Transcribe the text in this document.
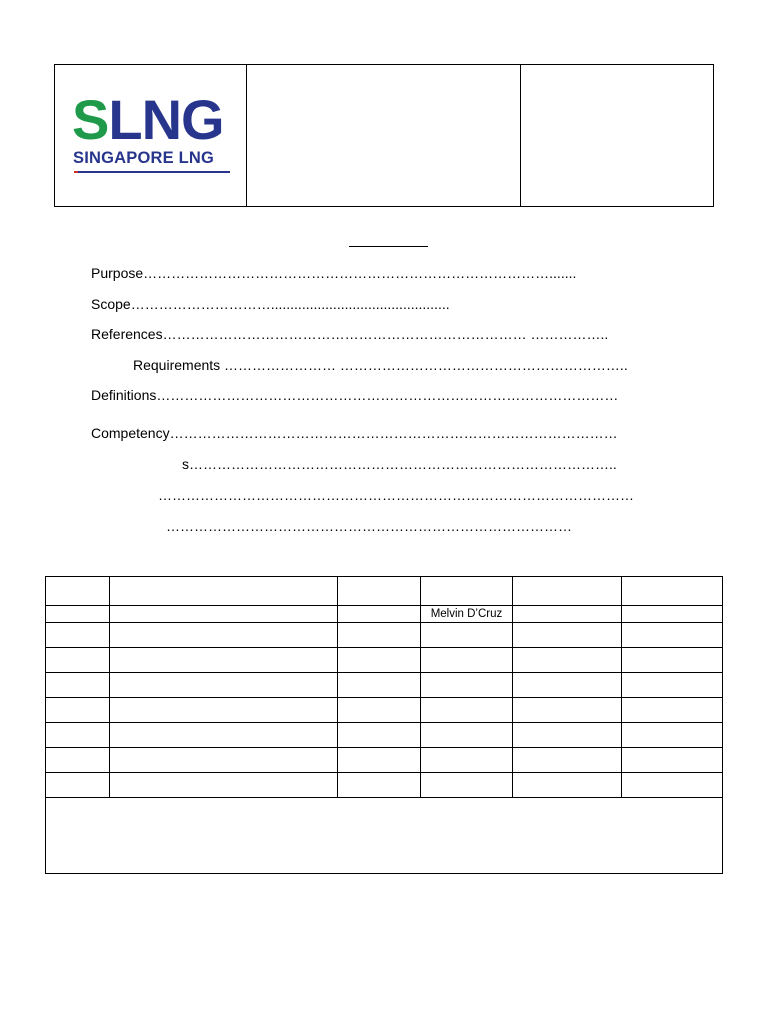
SLNG
SINGAPORE LNG

Purpose…………………………………………………………………………….......
Scope…………………………..............................................
References…………………………………………………………………… ……………..
Requirements …………………… ……………………………………………………..
Definitions………………………………………………………………………………………
Competency……………………………………………………………………………………
s………………………………………………………………………………..
…………………………………………………………………………………………
……………………………………………………………………………

			Melvin D’Cruz		
